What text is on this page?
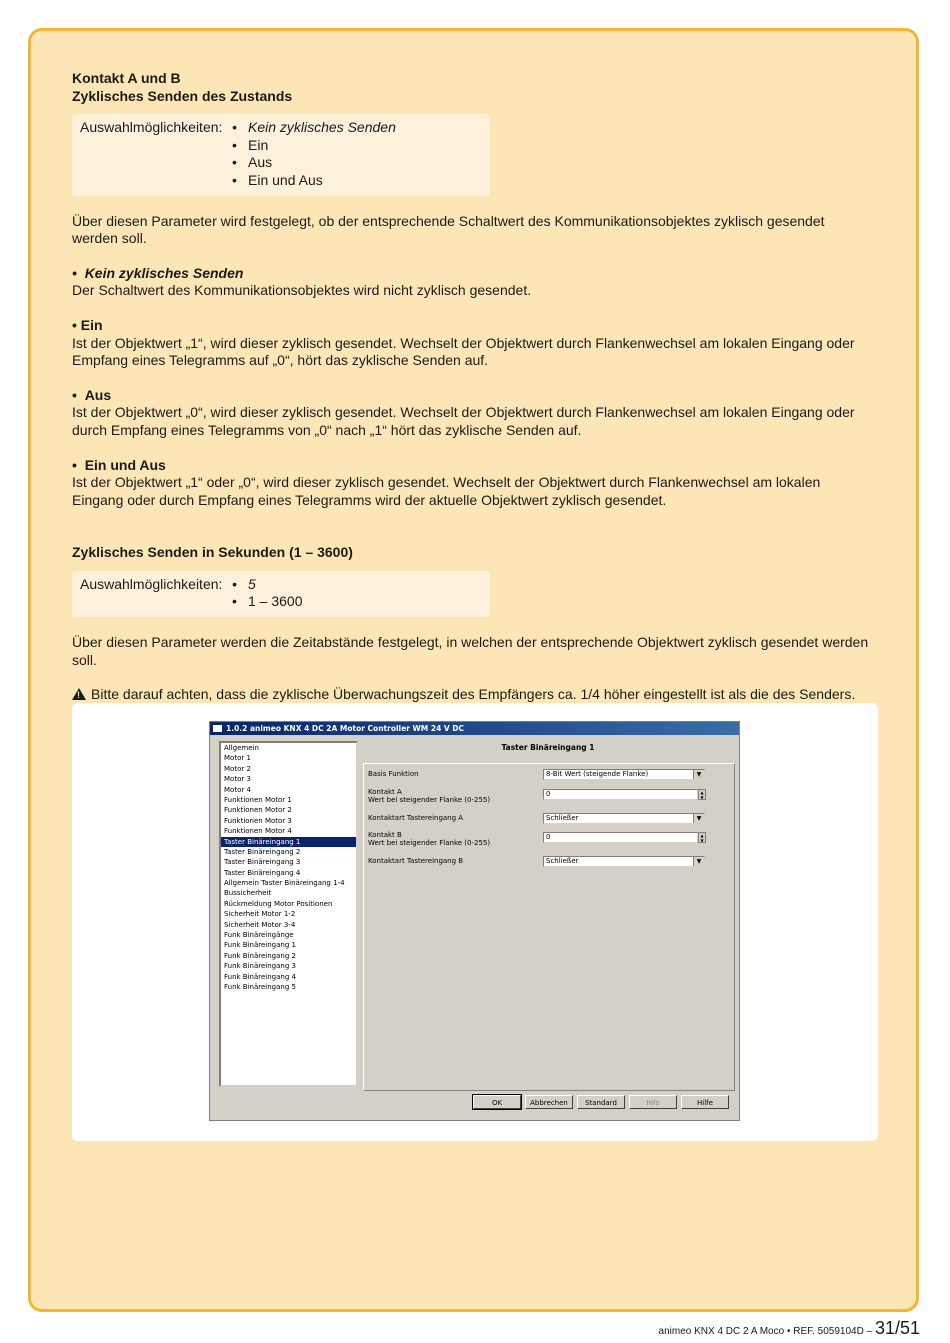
Kontakt A und B

Zyklisches Senden des Zustands

Auswahlmöglichkeiten:	• Kein zyklisches Senden
• Ein
• Aus
• Ein und Aus

Über diesen Parameter wird festgelegt, ob der entsprechende Schaltwert des Kommunikationsobjektes zyklisch gesendet werden soll.

•  Kein zyklisches Senden

Der Schaltwert des Kommunikationsobjektes wird nicht zyklisch gesendet.

• Ein

Ist der Objektwert „1“, wird dieser zyklisch gesendet. Wechselt der Objektwert durch Flankenwechsel am lokalen Eingang oder Empfang eines Telegramms auf „0“, hört das zyklische Senden auf.

•  Aus

Ist der Objektwert „0“, wird dieser zyklisch gesendet. Wechselt der Objektwert durch Flankenwechsel am lokalen Eingang oder durch Empfang eines Telegramms von „0“ nach „1“ hört das zyklische Senden auf.

•  Ein und Aus

Ist der Objektwert „1“ oder „0“, wird dieser zyklisch gesendet. Wechselt der Objektwert durch Flankenwechsel am lokalen Eingang oder durch Empfang eines Telegramms wird der aktuelle Objektwert zyklisch gesendet.

Zyklisches Senden in Sekunden (1 – 3600)

Auswahlmöglichkeiten:	• 5
• 1 – 3600

Über diesen Parameter werden die Zeitabstände festgelegt, in welchen der entsprechende Objektwert zyklisch gesendet werden soll.

!Bitte darauf achten, dass die zyklische Überwachungszeit des Empfängers ca. 1/4 höher eingestellt ist als die des Senders.

1.0.2 animeo KNX 4 DC 2A Motor Controller WM 24 V DC
Allgemein
Motor 1
Motor 2
Motor 3
Motor 4
Funktionen Motor 1
Funktionen Motor 2
Funktionen Motor 3
Funktionen Motor 4
Taster Binäreingang 1
Taster Binäreingang 2
Taster Binäreingang 3
Taster Binäreingang 4
Allgemein Taster Binäreingang 1-4
Bussicherheit
Rückmeldung Motor Positionen
Sicherheit Motor 1-2
Sicherheit Motor 3-4
Funk Binäreingänge
Funk Binäreingang 1
Funk Binäreingang 2
Funk Binäreingang 3
Funk Binäreingang 4
Funk Binäreingang 5
Taster Binäreingang 1
Basis Funktion	8-Bit Wert (steigende Flanke) ▼
Kontakt A
Wert bei steigender Flanke (0-255)
0	▲
▼
Kontaktart Tastereingang A	Schließer ▼
Kontakt B
Wert bei steigender Flanke (0-255)
0	▲
▼
Kontaktart Tastereingang B	Schließer ▼
OK	Abbrechen	Standard	Info	Hilfe
animeo KNX 4 DC 2 A Moco • REF. 5059104D – 31/51
